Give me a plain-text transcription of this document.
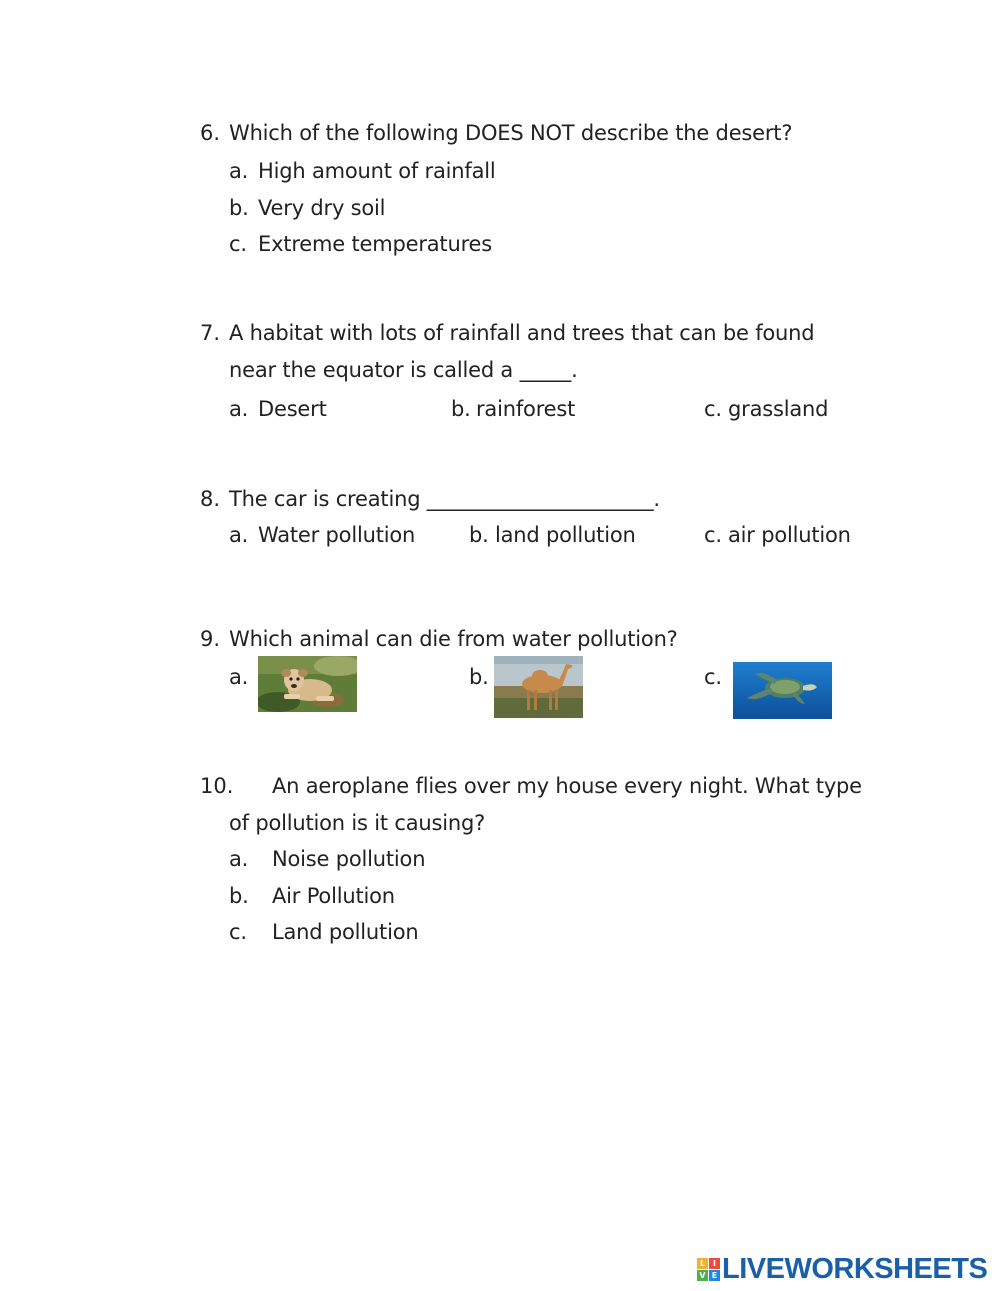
6. Which of the following DOES NOT describe the desert?
a. High amount of rainfall
b. Very dry soil
c. Extreme temperatures
7. A habitat with lots of rainfall and trees that can be found
near the equator is called a _____.
a. Desert	b. rainforest	c. grassland
8. The car is creating ______________________.
a. Water pollution	b. land pollution	c. air pollution
9. Which animal can die from water pollution?
a.	b.	c.
10. An aeroplane flies over my house every night. What type
of pollution is it causing?
a. Noise pollution
b. Air Pollution
c. Land pollution
L I
V E LIVEWORKSHEETS
